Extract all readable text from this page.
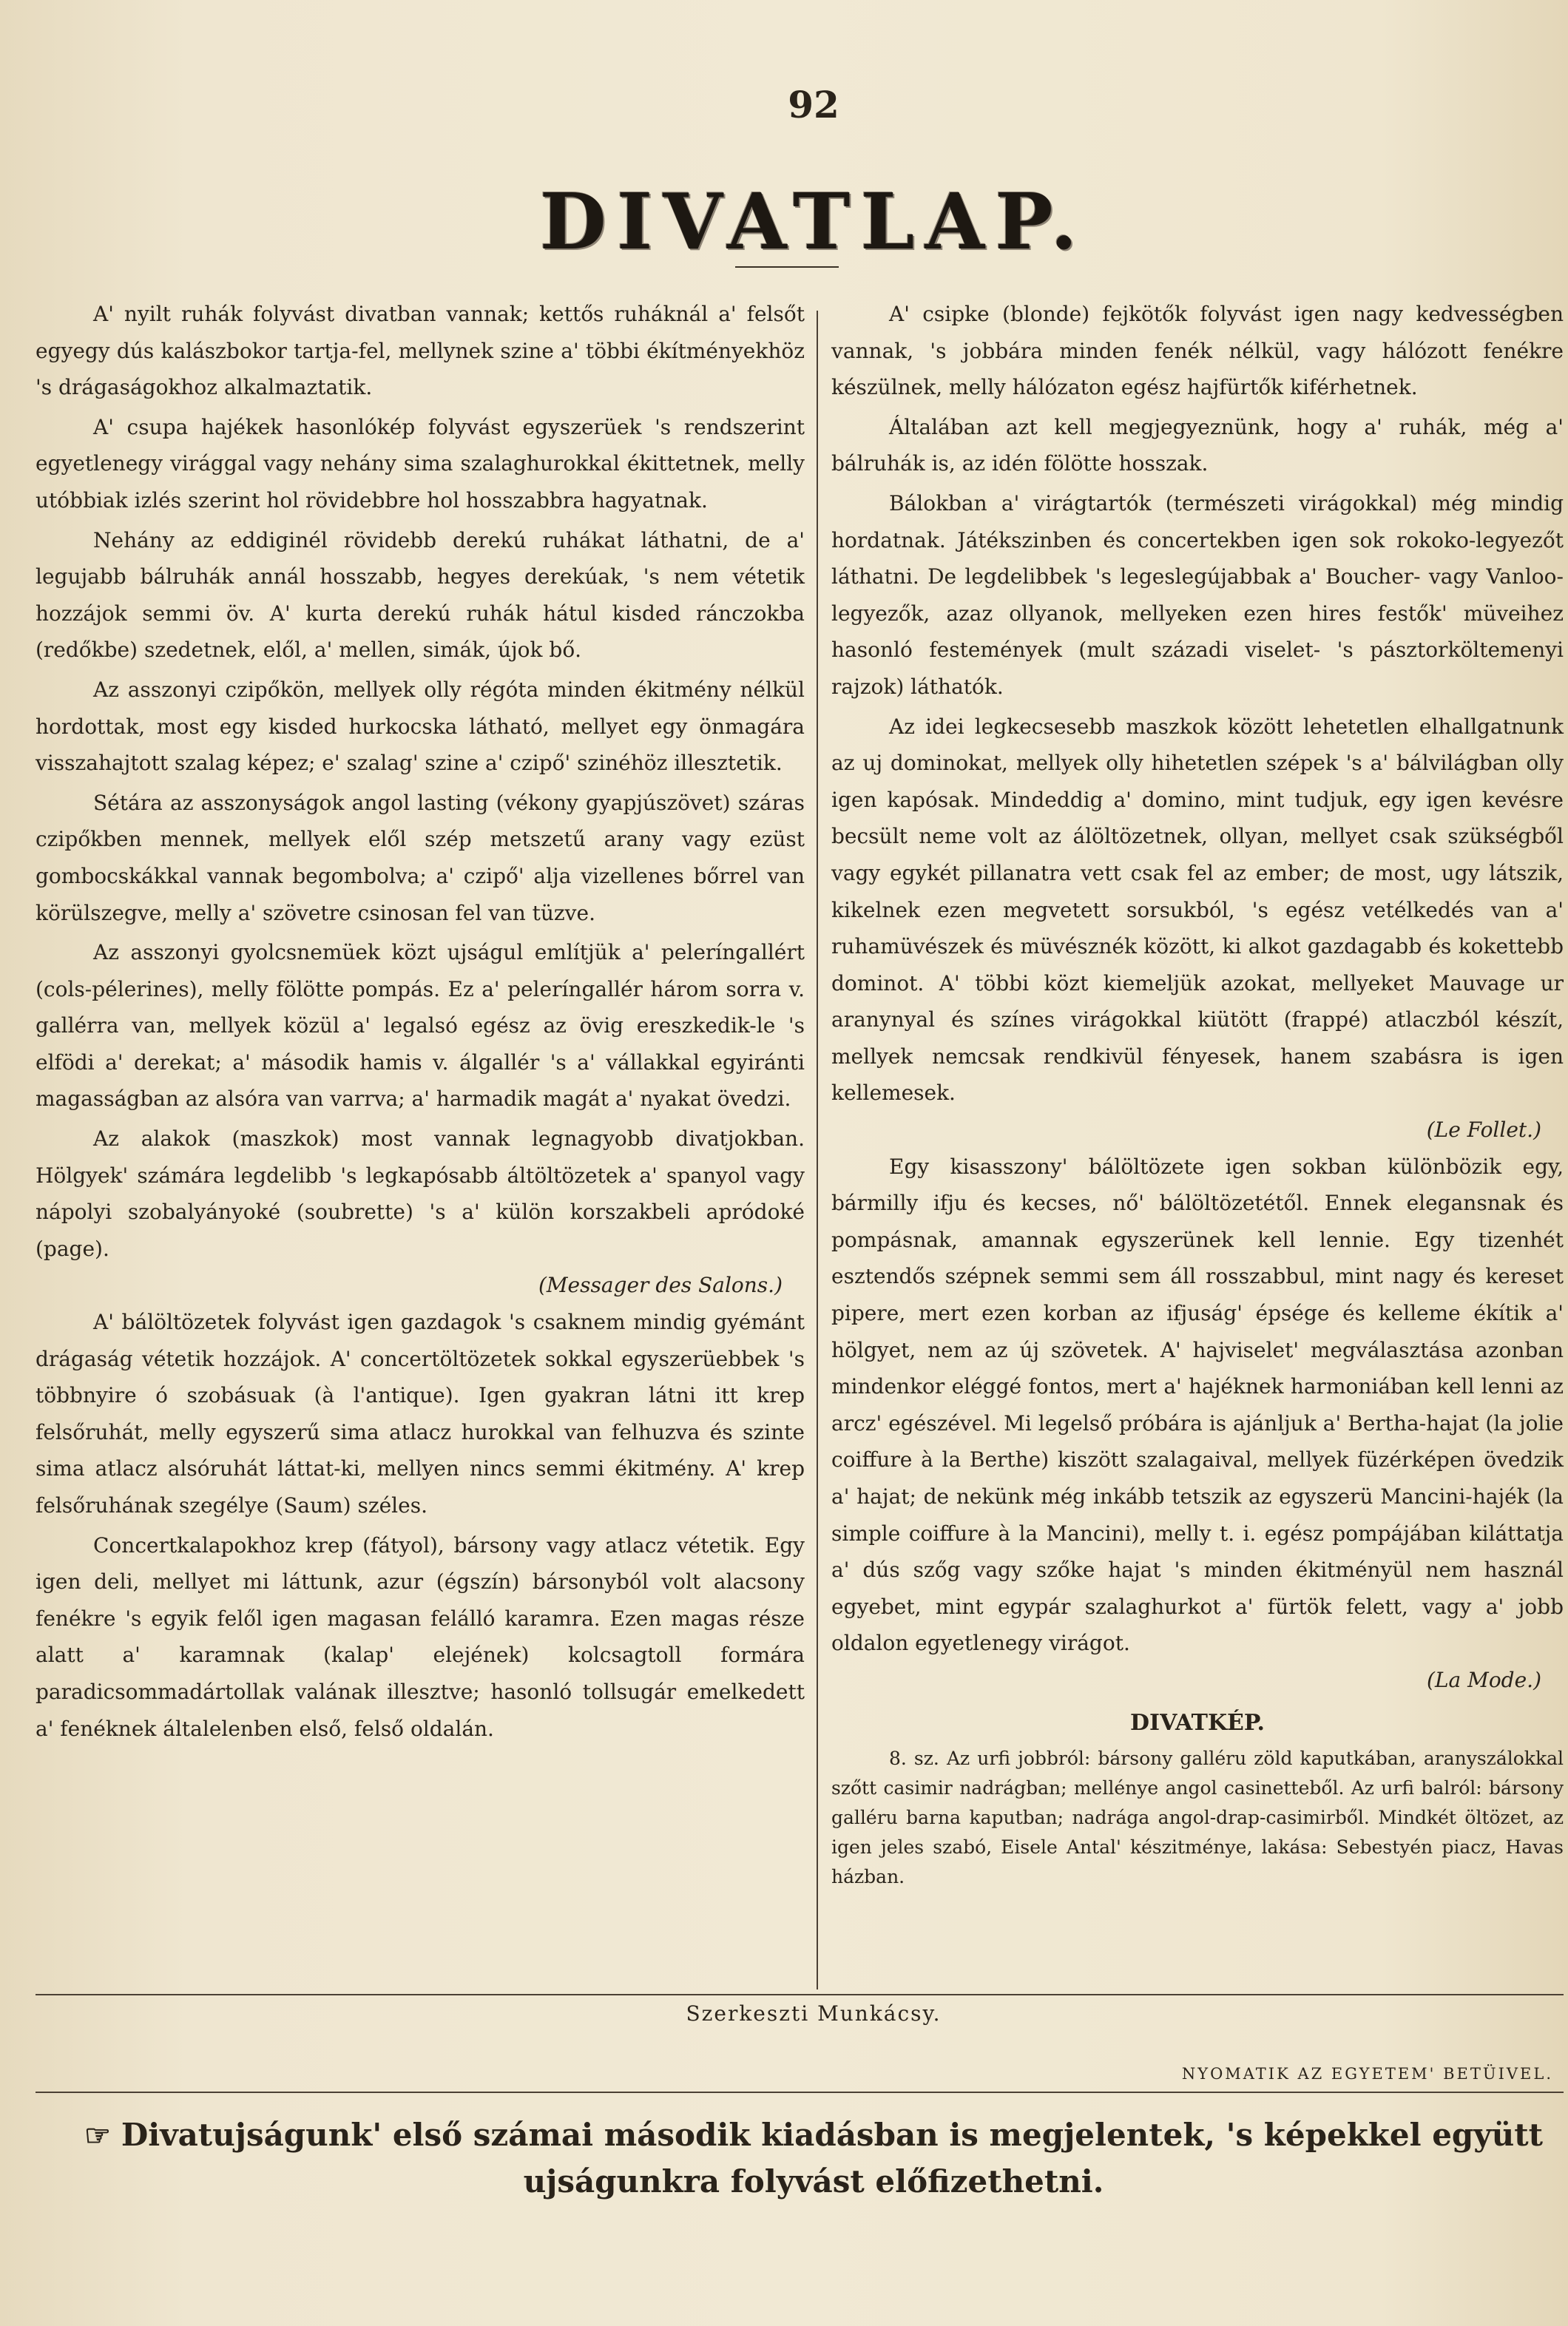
92
DIVATLAP.

A' nyilt ruhák folyvást divatban vannak; kettős ruháknál a' felsőt egyegy dús kalászbokor tartja-fel, mellynek szine a' többi ékítményekhöz 's drágaságokhoz alkalmaztatik.

A' csupa hajékek hasonlókép folyvást egyszerüek 's rendszerint egyetlenegy virággal vagy nehány sima szalaghurokkal ékittetnek, melly utóbbiak izlés szerint hol rövidebbre hol hosszabbra hagyatnak.

Nehány az eddiginél rövidebb derekú ruhákat láthatni, de a' legujabb bálruhák annál hosszabb, hegyes derekúak, 's nem vétetik hozzájok semmi öv. A' kurta derekú ruhák hátul kisded ránczokba (redőkbe) szedetnek, elől, a' mellen, simák, újok bő.

Az asszonyi czipőkön, mellyek olly régóta minden ékitmény nélkül hordottak, most egy kisded hurkocska látható, mellyet egy önmagára visszahajtott szalag képez; e' szalag' szine a' czipő' szinéhöz illesztetik.

Sétára az asszonyságok angol lasting (vékony gyapjúszövet) száras czipőkben mennek, mellyek elől szép metszetű arany vagy ezüst gombocskákkal vannak begombolva; a' czipő' alja vizellenes bőrrel van körülszegve, melly a' szövetre csinosan fel van tüzve.

Az asszonyi gyolcsnemüek közt ujságul említjük a' peleríngallért (cols-pélerines), melly fölötte pompás. Ez a' peleríngallér három sorra v. gallérra van, mellyek közül a' legalsó egész az övig ereszkedik-le 's elfödi a' derekat; a' második hamis v. álgallér 's a' vállakkal egyiránti magasságban az alsóra van varrva; a' harmadik magát a' nyakat övedzi.

Az alakok (maszkok) most vannak legnagyobb divatjokban. Hölgyek' számára legdelibb 's legkapósabb áltöltözetek a' spanyol vagy nápolyi szobalyányoké (soubrette) 's a' külön korszakbeli apródoké (page).

(Messager des Salons.)

A' bálöltözetek folyvást igen gazdagok 's csaknem mindig gyémánt drágaság vétetik hozzájok. A' concertöltözetek sokkal egyszerüebbek 's többnyire ó szobásuak (à l'antique). Igen gyakran látni itt krep felsőruhát, melly egyszerű sima atlacz hurokkal van felhuzva és szinte sima atlacz alsóruhát láttat-ki, mellyen nincs semmi ékitmény. A' krep felsőruhának szegélye (Saum) széles.

Concertkalapokhoz krep (fátyol), bársony vagy atlacz vétetik. Egy igen deli, mellyet mi láttunk, azur (égszín) bársonyból volt alacsony fenékre 's egyik felől igen magasan felálló karamra. Ezen magas része alatt a' karamnak (kalap' elejének) kolcsagtoll formára paradicsommadártollak valának illesztve; hasonló tollsugár emelkedett a' fenéknek általelenben első, felső oldalán.

A' csipke (blonde) fejkötők folyvást igen nagy kedvességben vannak, 's jobbára minden fenék nélkül, vagy hálózott fenékre készülnek, melly hálózaton egész hajfürtők kiférhetnek.

Általában azt kell megjegyeznünk, hogy a' ruhák, még a' bálruhák is, az idén fölötte hosszak.

Bálokban a' virágtartók (természeti virágokkal) még mindig hordatnak. Játékszinben és concertekben igen sok rokoko-legyezőt láthatni. De legdelibbek 's legeslegújabbak a' Boucher- vagy Vanloo-legyezők, azaz ollyanok, mellyeken ezen hires festők' müveihez hasonló festemények (mult századi viselet- 's pásztorköltemenyi rajzok) láthatók.

Az idei legkecsesebb maszkok között lehetetlen elhallgatnunk az uj dominokat, mellyek olly hihetetlen szépek 's a' bálvilágban olly igen kapósak. Mindeddig a' domino, mint tudjuk, egy igen kevésre becsült neme volt az álöltözetnek, ollyan, mellyet csak szükségből vagy egykét pillanatra vett csak fel az ember; de most, ugy látszik, kikelnek ezen megvetett sorsukból, 's egész vetélkedés van a' ruhamüvészek és müvésznék között, ki alkot gazdagabb és kokettebb dominot. A' többi közt kiemeljük azokat, mellyeket Mauvage ur aranynyal és színes virágokkal kiütött (frappé) atlaczból készít, mellyek nemcsak rendkivül fényesek, hanem szabásra is igen kellemesek.

(Le Follet.)

Egy kisasszony' bálöltözete igen sokban különbözik egy, bármilly ifju és kecses, nő' bálöltözetétől. Ennek elegansnak és pompásnak, amannak egyszerünek kell lennie. Egy tizenhét esztendős szépnek semmi sem áll rosszabbul, mint nagy és kereset pipere, mert ezen korban az ifjuság' épsége és kelleme ékítik a' hölgyet, nem az új szövetek. A' hajviselet' megválasztása azonban mindenkor eléggé fontos, mert a' hajéknek harmoniában kell lenni az arcz' egészével. Mi legelső próbára is ajánljuk a' Bertha-hajat (la jolie coiffure à la Berthe) kiszött szalagaival, mellyek füzérképen övedzik a' hajat; de nekünk még inkább tetszik az egyszerü Mancini-hajék (la simple coiffure à la Mancini), melly t. i. egész pompájában kiláttatja a' dús szőg vagy szőke hajat 's minden ékitményül nem használ egyebet, mint egypár szalaghurkot a' fürtök felett, vagy a' jobb oldalon egyetlenegy virágot.

(La Mode.)
DIVATKÉP.

8. sz. Az urfi jobbról: bársony galléru zöld kaputkában, aranyszálokkal szőtt casimir nadrágban; mellénye angol casinetteből. Az urfi balról: bársony galléru barna kaputban; nadrága angol-drap-casimirből. Mindkét öltözet, az igen jeles szabó, Eisele Antal' készitménye, lakása: Sebestyén piacz, Havas házban.

Szerkeszti Munkácsy.
NYOMATIK AZ EGYETEM' BETÜIVEL.
☞ Divatujságunk' első számai második kiadásban is megjelentek, 's képekkel együtt
ujságunkra folyvást előfizethetni.
